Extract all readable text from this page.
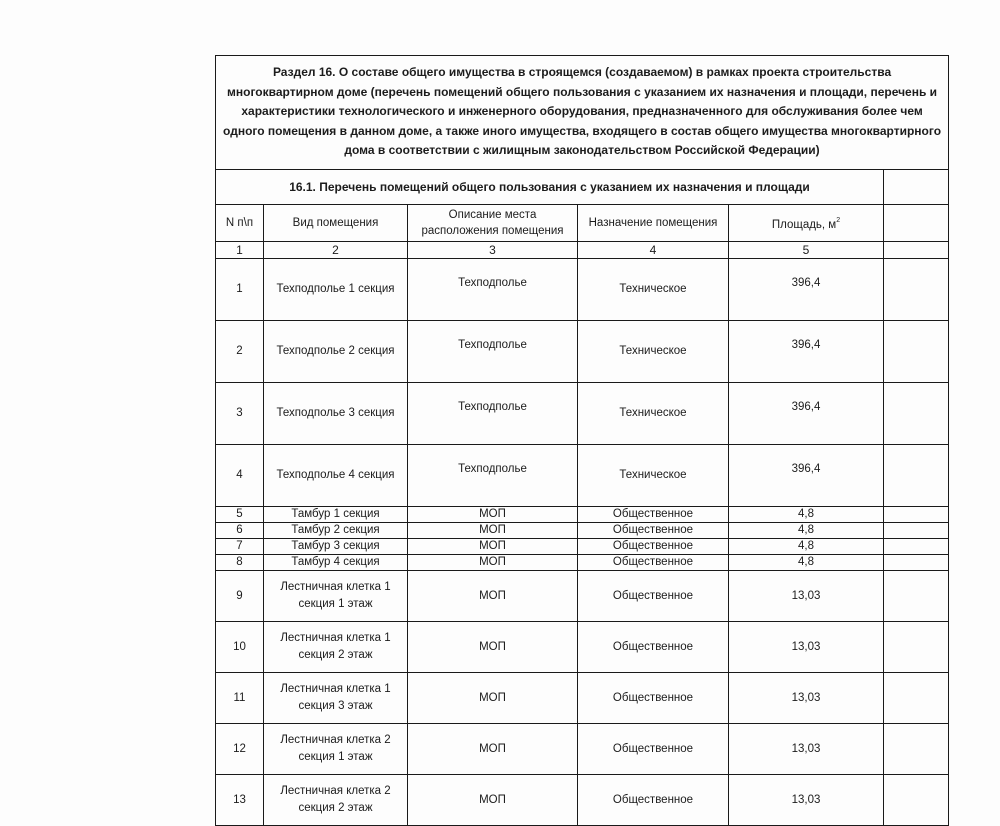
Раздел 16. О составе общего имущества в строящемся (создаваемом) в рамках проекта строительства многоквартирном доме (перечень помещений общего пользования с указанием их назначения и площади, перечень и характеристики технологического и инженерного оборудования, предназначенного для обслуживания более чем одного помещения в данном доме, а также иного имущества, входящего в состав общего имущества многоквартирного дома в соответствии с жилищным законодательством Российской Федерации)					
16.1. Перечень помещений общего пользования с указанием их назначения и площади					
N п\п	Вид помещения	Описание места расположения помещения	Назначение помещения	Площадь, $м^2$	
1	2	3	4	5	
1	Техподполье 1 секция	Техподполье	Техническое	396,4	
2	Техподполье 2 секция	Техподполье	Техническое	396,4	
3	Техподполье 3 секция	Техподполье	Техническое	396,4	
4	Техподполье 4 секция	Техподполье	Техническое	396,4	
5	Тамбур 1 секция	МОП	Общественное	4,8	
6	Тамбур 2 секция	МОП	Общественное	4,8	
7	Тамбур 3 секция	МОП	Общественное	4,8	
8	Тамбур 4 секция	МОП	Общественное	4,8	
9	Лестничная клетка 1 секция 1 этаж	МОП	Общественное	13,03	
10	Лестничная клетка 1 секция 2 этаж	МОП	Общественное	13,03	
11	Лестничная клетка 1 секция 3 этаж	МОП	Общественное	13,03	
12	Лестничная клетка 2 секция 1 этаж	МОП	Общественное	13,03	
13	Лестничная клетка 2 секция 2 этаж	МОП	Общественное	13,03	
